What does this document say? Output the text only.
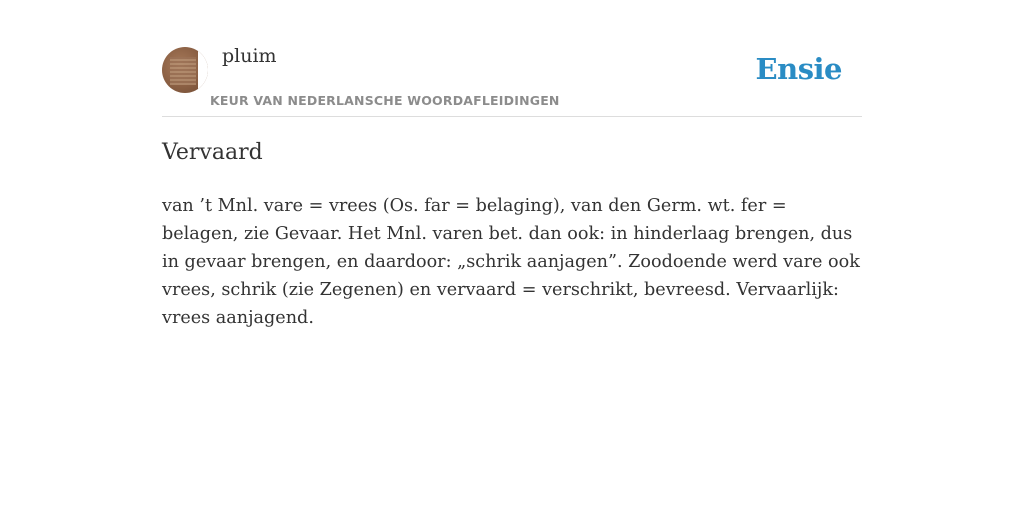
pluim
KEUR VAN NEDERLANSCHE WOORDAFLEIDINGEN
Ensie
Vervaard
van ’t Mnl. vare = vrees (Os. far = belaging), van den Germ. wt. fer = belagen, zie Gevaar. Het Mnl. varen bet. dan ook: in hinderlaag brengen, dus in gevaar brengen, en daardoor: „schrik aanjagen”. Zoodoende werd vare ook vrees, schrik (zie Zegenen) en vervaard = verschrikt, bevreesd. Vervaarlijk: vrees aanjagend.
